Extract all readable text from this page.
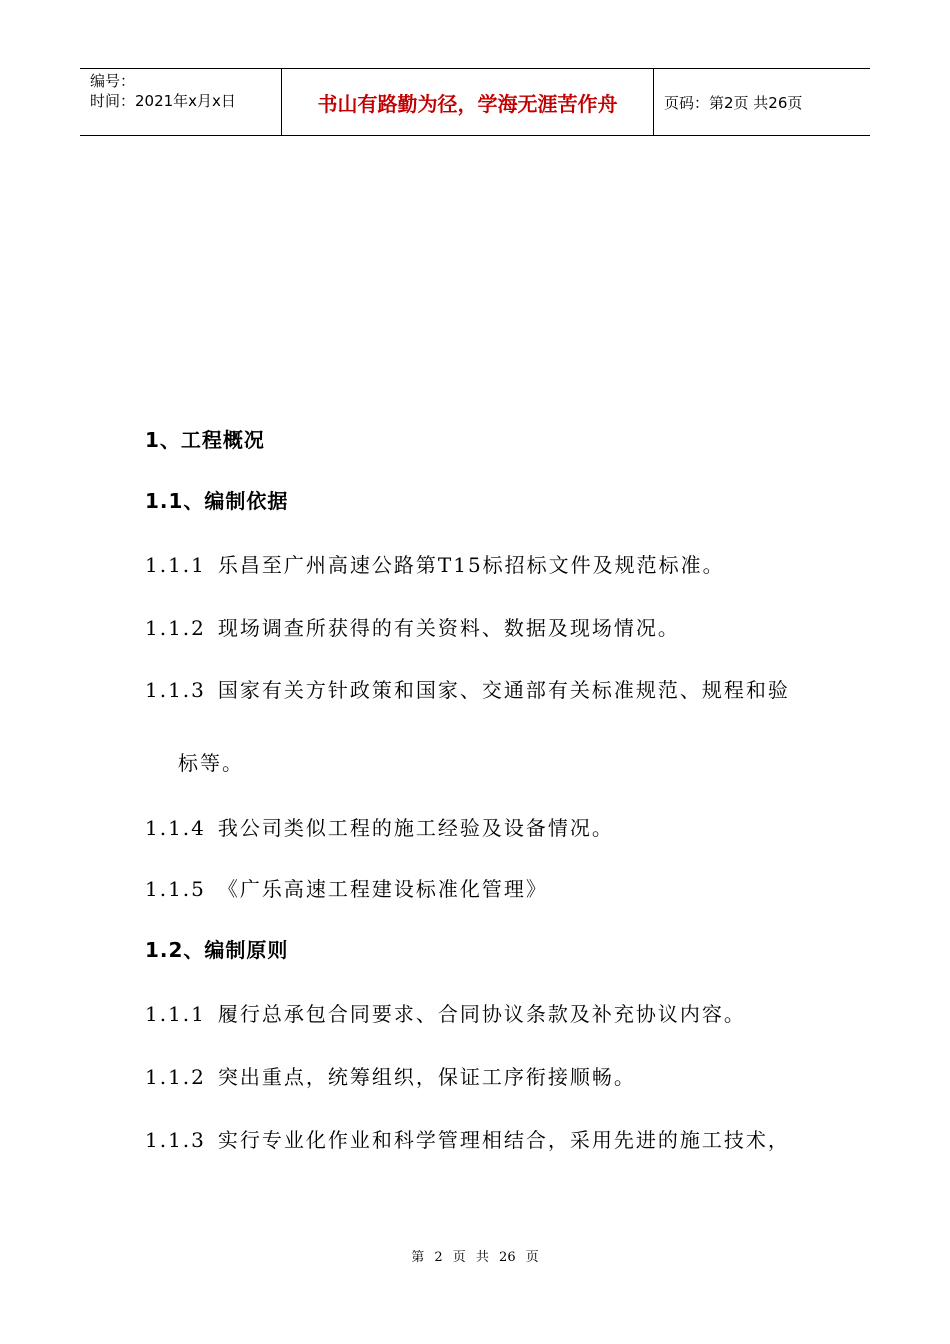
编号：
时间：2021年x月x日	书山有路勤为径，学海无涯苦作舟	页码：第2页 共26页
1、工程概况
1.1、编制依据
1.1.1 乐昌至广州高速公路第T15标招标文件及规范标准。
1.1.2 现场调查所获得的有关资料、数据及现场情况。
1.1.3 国家有关方针政策和国家、交通部有关标准规范、规程和验
标等。
1.1.4 我公司类似工程的施工经验及设备情况。
1.1.5 《广乐高速工程建设标准化管理》
1.2、编制原则
1.1.1 履行总承包合同要求、合同协议条款及补充协议内容。
1.1.2 突出重点，统筹组织，保证工序衔接顺畅。
1.1.3 实行专业化作业和科学管理相结合，采用先进的施工技术，
第 2 页 共 26 页
